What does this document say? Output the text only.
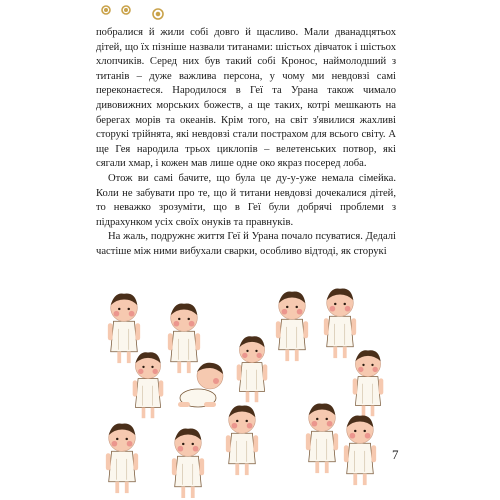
побралися й жили собі довго й щасливо. Мали дванадцятьох дітей, що їх пізніше назвали титанами: шістьох дівчаток і шістьох хлопчиків. Серед них був такий собі Кронос, наймолодший з титанів – дуже важлива персона, у чому ми невдовзі самі переконаєтеся. Народилося в Геї та Урана також чимало дивовижних морських божеств, а ще таких, котрі мешкають на берегах морів та океанів. Крім того, на світ з'явилися жахливі сторукі трійнята, які невдовзі стали пострахом для всього світу. А ще Гея народила трьох циклопів – велетенських потвор, які сягали хмар, і кожен мав лише одне око якраз посеред лоба.

Отож ви самі бачите, що була це ду-у-уже немала сімейка. Коли не забувати про те, що й титани невдовзі дочекалися дітей, то неважко зрозуміти, що в Геї були добрячі проблеми з підрахунком усіх своїх онуків та правнуків.

На жаль, подружнє життя Геї й Урана почало псуватися. Дедалі частіше між ними вибухали сварки, особливо відтоді, як сторукі

7
